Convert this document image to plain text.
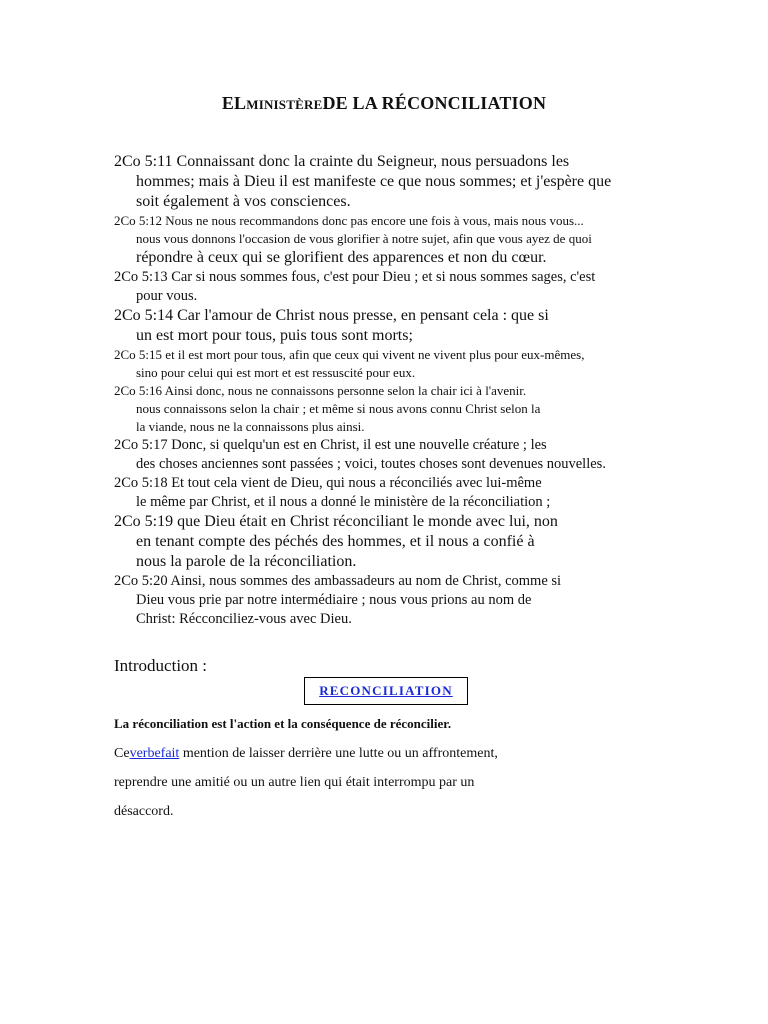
ELMINISTÈREDE LA RÉCONCILIATION
2Co 5:11 Connaissant donc la crainte du Seigneur, nous persuadons les
hommes; mais à Dieu il est manifeste ce que nous sommes; et j'espère que
soit également à vos consciences.
2Co 5:12 Nous ne nous recommandons donc pas encore une fois à vous, mais nous vous...
nous vous donnons l'occasion de vous glorifier à notre sujet, afin que vous ayez de quoi
répondre à ceux qui se glorifient des apparences et non du cœur.
2Co 5:13 Car si nous sommes fous, c'est pour Dieu ; et si nous sommes sages, c'est
pour vous.
2Co 5:14 Car l'amour de Christ nous presse, en pensant cela : que si
un est mort pour tous, puis tous sont morts;
2Co 5:15 et il est mort pour tous, afin que ceux qui vivent ne vivent plus pour eux-mêmes,
sino pour celui qui est mort et est ressuscité pour eux.
2Co 5:16 Ainsi donc, nous ne connaissons personne selon la chair ici à l'avenir.
nous connaissons selon la chair ; et même si nous avons connu Christ selon la
la viande, nous ne la connaissons plus ainsi.
2Co 5:17 Donc, si quelqu'un est en Christ, il est une nouvelle créature ; les
des choses anciennes sont passées ; voici, toutes choses sont devenues nouvelles.
2Co 5:18 Et tout cela vient de Dieu, qui nous a réconciliés avec lui-même
le même par Christ, et il nous a donné le ministère de la réconciliation ;
2Co 5:19 que Dieu était en Christ réconciliant le monde avec lui, non
en tenant compte des péchés des hommes, et il nous a confié à
nous la parole de la réconciliation.
2Co 5:20 Ainsi, nous sommes des ambassadeurs au nom de Christ, comme si
Dieu vous prie par notre intermédiaire ; nous vous prions au nom de
Christ: Récconciliez-vous avec Dieu.
Introduction :
RECONCILIATION
La réconciliation est l'action et la conséquence de réconcilier.
Ceverbefait mention de laisser derrière une lutte ou un affrontement,
reprendre une amitié ou un autre lien qui était interrompu par un
désaccord.
